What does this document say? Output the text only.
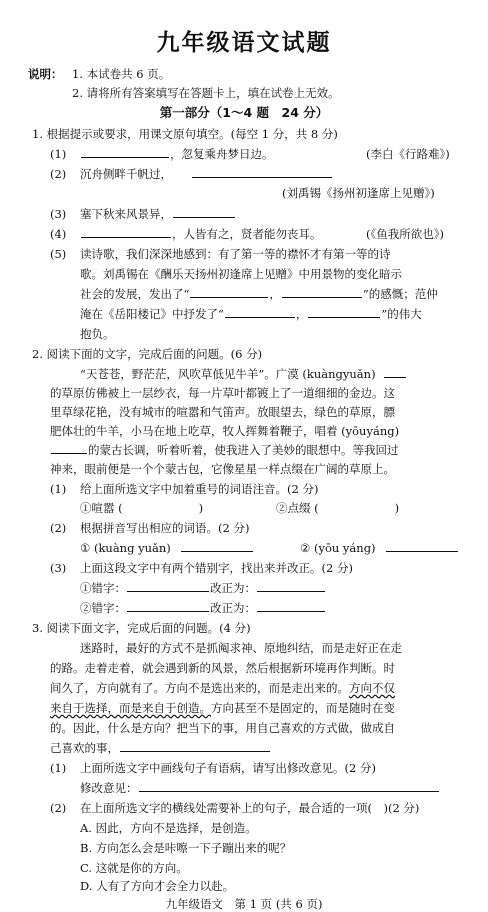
九年级语文试题
说明： 1. 本试卷共 6 页。
2. 请将所有答案填写在答题卡上，填在试卷上无效。
第一部分（1～4 题　24 分）
1. 根据提示或要求，用课文原句填空。(每空 1 分，共 8 分)
(1)	，忽复乘舟梦日边。	(李白《行路难》)
(2) 沉舟侧畔千帆过，
(刘禹锡《扬州初逢席上见赠》)
(3) 塞下秋来风景异，
(4)	，人皆有之，贤者能勿丧耳。	(《鱼我所欲也》)
(5) 读诗歌，我们深深地感到：有了第一等的襟怀才有第一等的诗
歌。刘禹锡在《酬乐天扬州初逢席上见赠》中用景物的变化暗示
社会的发展，发出了“	，	”的感慨；范仲
淹在《岳阳楼记》中抒发了“	，	”的伟大
抱负。
2. 阅读下面的文字，完成后面的问题。(6 分)
“天苍苍，野茫茫，风吹草低见牛羊”。广漠 (kuàngyuǎn)
的草原仿佛被上一层纱衣，每一片草叶都镀上了一道细细的金边。这
里草绿花艳，没有城市的喧嚣和气笛声。放眼望去，绿色的草原，膘
肥体壮的牛羊，小马在地上吃草，牧人挥舞着鞭子，唱着 (yōuyáng)
的蒙古长调，听着听着，使我进入了美妙的眼想中。等我回过
神来，眼前便是一个个蒙古包，它像星星一样点缀在广阔的草原上。
(1) 给上面所选文字中加着重号的词语注音。(2 分)
①喧嚣 (	)	②点缀 (	)
(2) 根据拼音写出相应的词语。(2 分)
① (kuàng yuǎn)	② (yōu yáng)
(3) 上面这段文字中有两个错别字，找出来并改正。(2 分)
①错字：	改正为：
②错字：	改正为：
3. 阅读下面文字，完成后面的问题。(4 分)
迷路时，最好的方式不是抓阄求神、原地纠结，而是走好正在走
的路。走着走着，就会遇到新的风景，然后根据新环境再作判断。时
间久了，方向就有了。方向不是选出来的，而是走出来的。方向不仅
来自于选择，而是来自于创造。方向甚至不是固定的，而是随时在变
的。因此，什么是方向？把当下的事，用自己喜欢的方式做，做成自
己喜欢的事，
(1) 上面所选文字中画线句子有语病，请写出修改意见。(2 分)
修改意见：
(2) 在上面所选文字的横线处需要补上的句子，最合适的一项(　)(2 分)
A. 因此，方向不是选择，是创造。
B. 方向怎么会是咔嚓一下子蹦出来的呢？
C. 这就是你的方向。
D. 人有了方向才会全力以赴。
九年级语文　第 1 页 (共 6 页)
